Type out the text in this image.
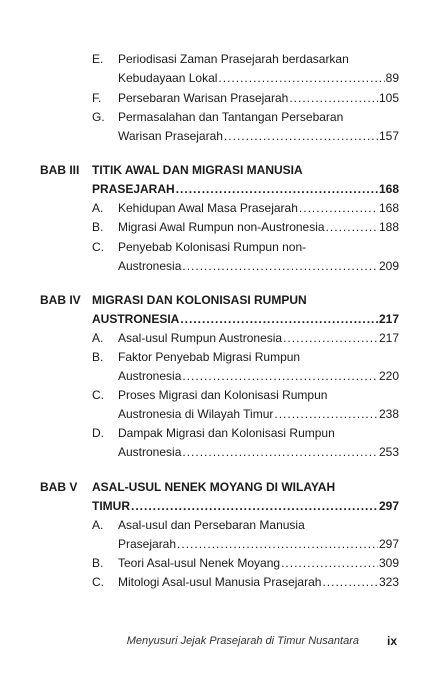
E. Periodisasi Zaman Prasejarah berdasarkan
Kebudayaan Lokal .....	89
F. Persebaran Warisan Prasejarah .....	105
G. Permasalahan dan Tantangan Persebaran
Warisan Prasejarah .....	157
BAB III TITIK AWAL DAN MIGRASI MANUSIA
PRASEJARAH .....	168
A. Kehidupan Awal Masa Prasejarah .....	168
B. Migrasi Awal Rumpun non-Austronesia .....	188
C. Penyebab Kolonisasi Rumpun non-
Austronesia .....	209
BAB IV MIGRASI DAN KOLONISASI RUMPUN
AUSTRONESIA .....	217
A. Asal-usul Rumpun Austronesia .....	217
B. Faktor Penyebab Migrasi Rumpun
Austronesia .....	220
C. Proses Migrasi dan Kolonisasi Rumpun
Austronesia di Wilayah Timur .....	238
D. Dampak Migrasi dan Kolonisasi Rumpun
Austronesia .....	253
BAB V ASAL-USUL NENEK MOYANG DI WILAYAH
TIMUR .....	297
A. Asal-usul dan Persebaran Manusia
Prasejarah .....	297
B. Teori Asal-usul Nenek Moyang .....	309
C. Mitologi Asal-usul Manusia Prasejarah .....	323
Menyusuri Jejak Prasejarah di Timur Nusantara ix
